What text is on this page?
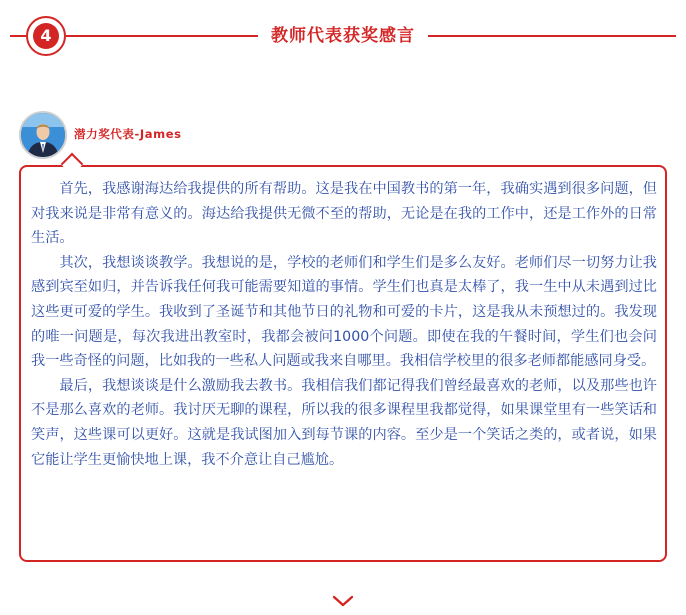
4	教师代表获奖感言
潜力奖代表-James

首先，我感谢海达给我提供的所有帮助。这是我在中国教书的第一年，我确实遇到很多问题，但对我来说是非常有意义的。海达给我提供无微不至的帮助，无论是在我的工作中，还是工作外的日常生活。

其次，我想谈谈教学。我想说的是，学校的老师们和学生们是多么友好。老师们尽一切努力让我感到宾至如归，并告诉我任何我可能需要知道的事情。学生们也真是太棒了，我一生中从未遇到过比这些更可爱的学生。我收到了圣诞节和其他节日的礼物和可爱的卡片，这是我从未预想过的。我发现的唯一问题是，每次我进出教室时，我都会被问1000个问题。即使在我的午餐时间，学生们也会问我一些奇怪的问题，比如我的一些私人问题或我来自哪里。我相信学校里的很多老师都能感同身受。

最后，我想谈谈是什么激励我去教书。我相信我们都记得我们曾经最喜欢的老师，以及那些也许不是那么喜欢的老师。我讨厌无聊的课程，所以我的很多课程里我都觉得，如果课堂里有一些笑话和笑声，这些课可以更好。这就是我试图加入到每节课的内容。至少是一个笑话之类的，或者说，如果它能让学生更愉快地上课，我不介意让自己尴尬。
